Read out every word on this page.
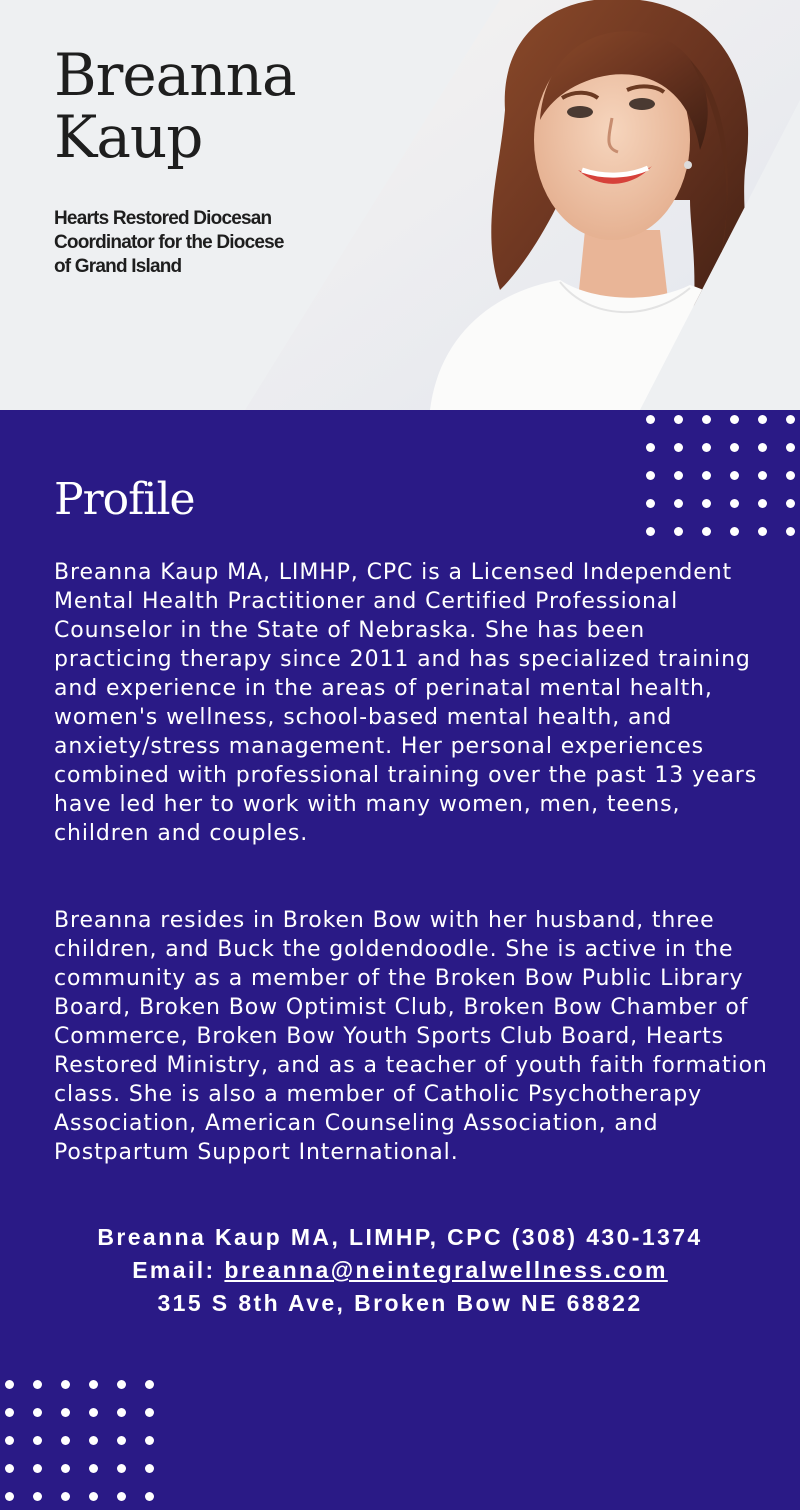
Breanna
Kaup

Hearts Restored Diocesan Coordinator for the Diocese of Grand Island

Profile

Breanna Kaup MA, LIMHP, CPC is a Licensed Independent Mental Health Practitioner and Certified Professional Counselor in the State of Nebraska. She has been practicing therapy since 2011 and has specialized training and experience in the areas of perinatal mental health, women's wellness, school-based mental health, and anxiety/stress management. Her personal experiences combined with professional training over the past 13 years have led her to work with many women, men, teens, children and couples.

Breanna resides in Broken Bow with her husband, three children, and Buck the goldendoodle. She is active in the community as a member of the Broken Bow Public Library Board, Broken Bow Optimist Club, Broken Bow Chamber of Commerce, Broken Bow Youth Sports Club Board, Hearts Restored Ministry, and as a teacher of youth faith formation class. She is also a member of Catholic Psychotherapy Association, American Counseling Association, and Postpartum Support International.

Breanna Kaup MA, LIMHP, CPC (308) 430-1374
Email: breanna@neintegralwellness.com
315 S 8th Ave, Broken Bow NE 68822
